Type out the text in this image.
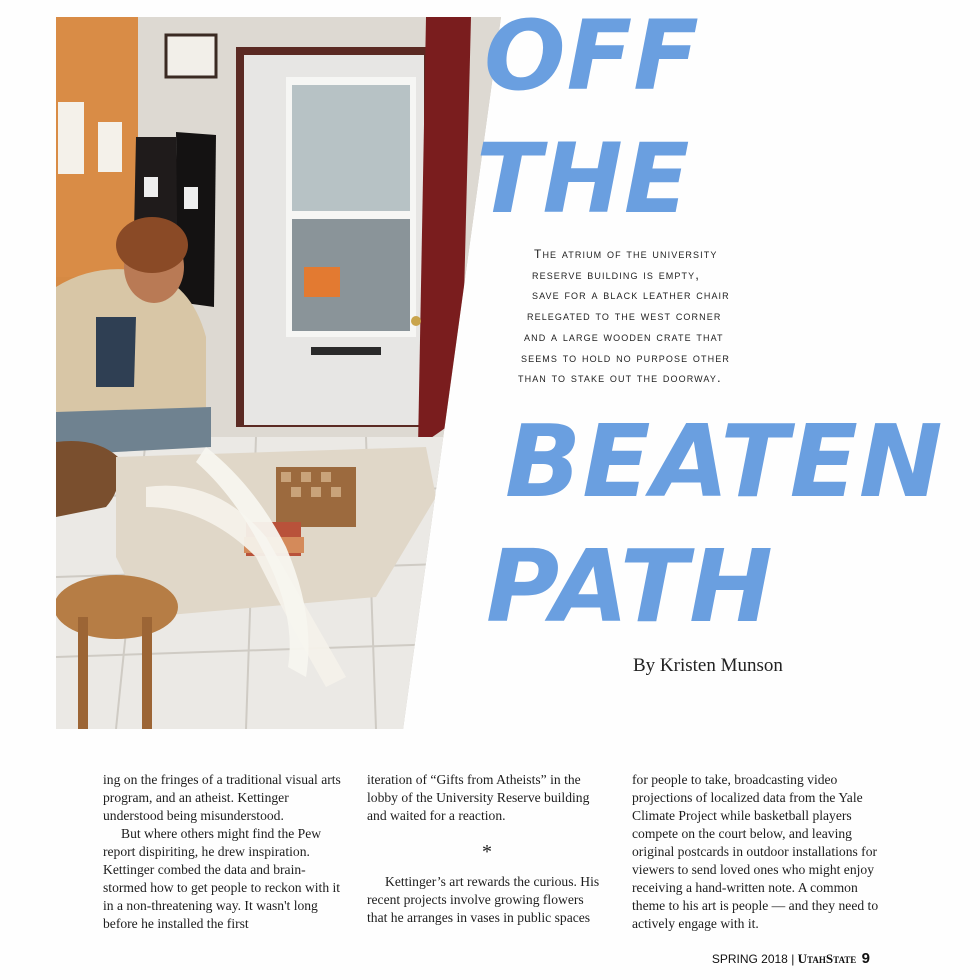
OFF
THE
BEATEN
PATH
the atrium of the university
reserve building is empty,
save for a black leather chair
relegated to the west corner
and a large wooden crate that
seems to hold no purpose other
than to stake out the doorway.

By Kristen Munson

ing on the fringes of a traditional visual arts program, and an atheist. Kettinger understood being misunderstood.

But where others might find the Pew report dispiriting, he drew inspiration. Kettinger combed the data and brain-stormed how to get people to reckon with it in a non-threatening way. It wasn't long before he installed the first

iteration of “Gifts from Atheists” in the lobby of the University Reserve building and waited for a reaction.

*

Kettinger’s art rewards the curious. His recent projects involve growing flowers that he arranges in vases in public spaces

for people to take, broadcasting video projections of localized data from the Yale Climate Project while basketball players compete on the court below, and leaving original postcards in outdoor installations for viewers to send loved ones who might enjoy receiving a hand-written note. A common theme to his art is people — and they need to actively engage with it.

SPRING 2018 | UtahState 9
